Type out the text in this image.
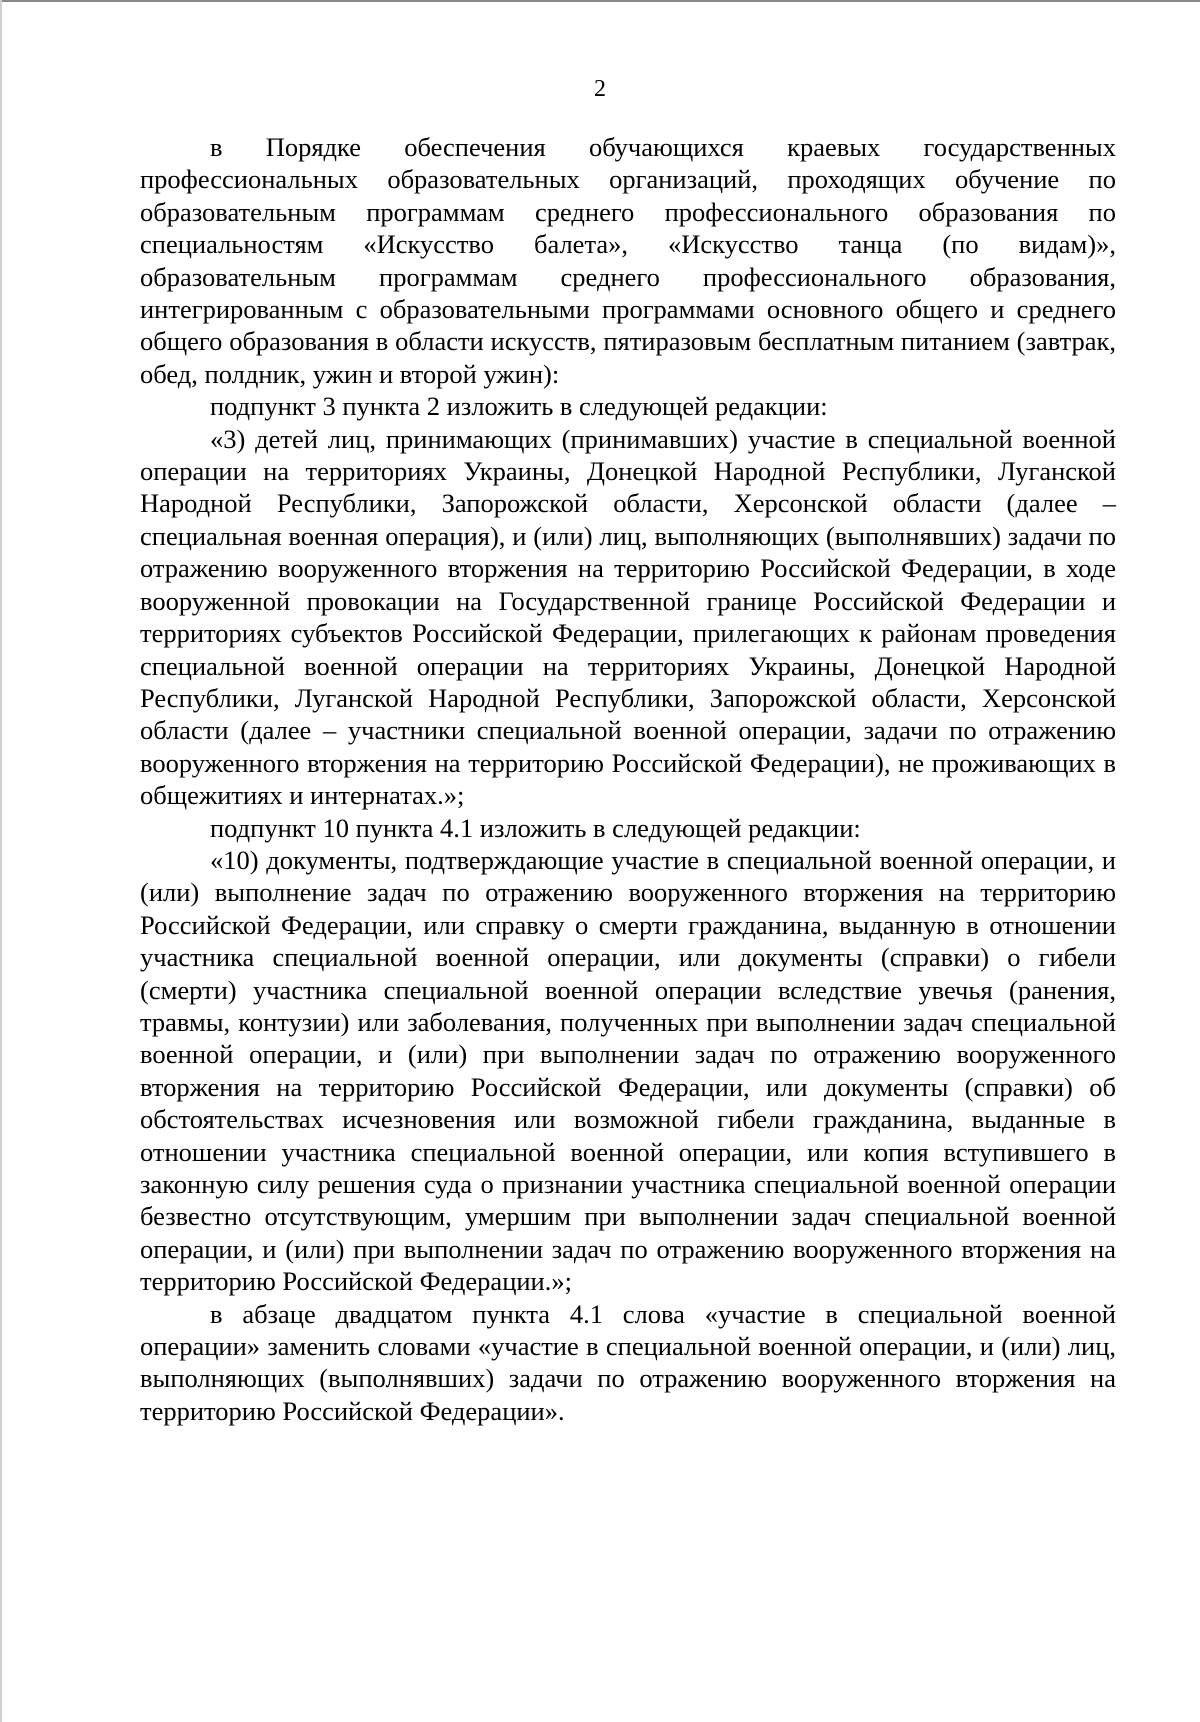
2

в Порядке обеспечения обучающихся краевых государственных профессиональных образовательных организаций, проходящих обучение по образовательным программам среднего профессионального образования по специальностям «Искусство балета», «Искусство танца (по видам)», образовательным программам среднего профессионального образования, интегрированным с образовательными программами основного общего и среднего общего образования в области искусств, пятиразовым бесплатным питанием (завтрак, обед, полдник, ужин и второй ужин):

подпункт 3 пункта 2 изложить в следующей редакции:

«3) детей лиц, принимающих (принимавших) участие в специальной военной операции на территориях Украины, Донецкой Народной Республики, Луганской Народной Республики, Запорожской области, Херсонской области (далее – специальная военная операция), и (или) лиц, выполняющих (выполнявших) задачи по отражению вооруженного вторжения на территорию Российской Федерации, в ходе вооруженной провокации на Государственной границе Российской Федерации и территориях субъектов Российской Федерации, прилегающих к районам проведения специальной военной операции на территориях Украины, Донецкой Народной Республики, Луганской Народной Республики, Запорожской области, Херсонской области (далее – участники специальной военной операции, задачи по отражению вооруженного вторжения на территорию Российской Федерации), не проживающих в общежитиях и интернатах.»;

подпункт 10 пункта 4.1 изложить в следующей редакции:

«10) документы, подтверждающие участие в специальной военной операции, и (или) выполнение задач по отражению вооруженного вторжения на территорию Российской Федерации, или справку о смерти гражданина, выданную в отношении участника специальной военной операции, или документы (справки) о гибели (смерти) участника специальной военной операции вследствие увечья (ранения, травмы, контузии) или заболевания, полученных при выполнении задач специальной военной операции, и (или) при выполнении задач по отражению вооруженного вторжения на территорию Российской Федерации, или документы (справки) об обстоятельствах исчезновения или возможной гибели гражданина, выданные в отношении участника специальной военной операции, или копия вступившего в законную силу решения суда о признании участника специальной военной операции безвестно отсутствующим, умершим при выполнении задач специальной военной операции, и (или) при выполнении задач по отражению вооруженного вторжения на территорию Российской Федерации.»;

в абзаце двадцатом пункта 4.1 слова «участие в специальной военной операции» заменить словами «участие в специальной военной операции, и (или) лиц, выполняющих (выполнявших) задачи по отражению вооруженного вторжения на территорию Российской Федерации».
